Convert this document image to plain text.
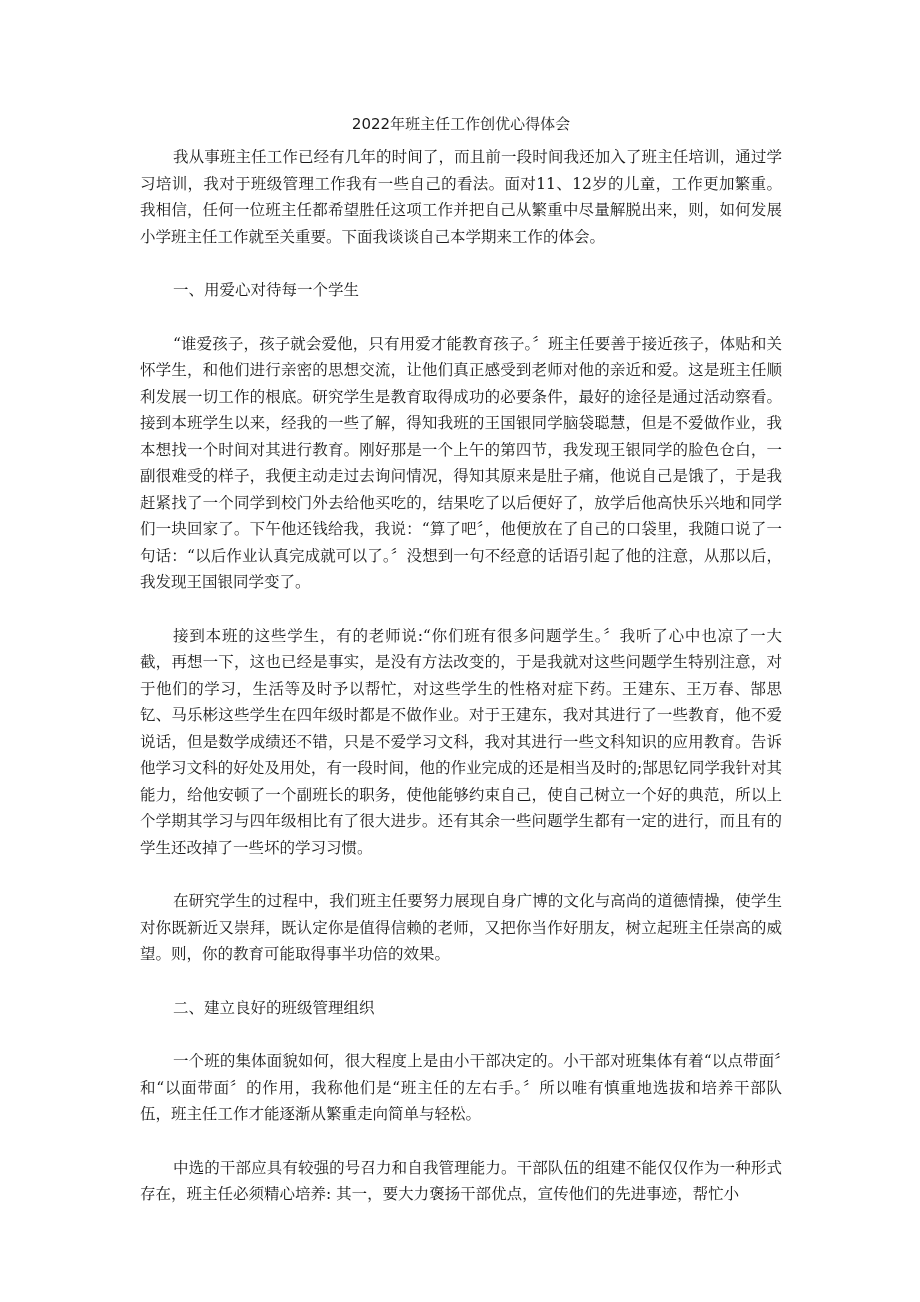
2022年班主任工作创优心得体会

我从事班主任工作已经有几年的时间了，而且前一段时间我还加入了班主任培训，通过学习培训，我对于班级管理工作我有一些自己的看法。面对11、12岁的儿童，工作更加繁重。我相信，任何一位班主任都希望胜任这项工作并把自己从繁重中尽量解脱出来，则，如何发展小学班主任工作就至关重要。下面我谈谈自己本学期来工作的体会。

一、用爱心对待每一个学生

“谁爱孩子，孩子就会爱他，只有用爱才能教育孩子。〞班主任要善于接近孩子，体贴和关怀学生，和他们进行亲密的思想交流，让他们真正感受到老师对他的亲近和爱。这是班主任顺利发展一切工作的根底。研究学生是教育取得成功的必要条件，最好的途径是通过活动察看。接到本班学生以来，经我的一些了解，得知我班的王国银同学脑袋聪慧，但是不爱做作业，我本想找一个时间对其进行教育。刚好那是一个上午的第四节，我发现王银同学的脸色仓白，一副很难受的样子，我便主动走过去询问情况，得知其原来是肚子痛，他说自己是饿了，于是我赶紧找了一个同学到校门外去给他买吃的，结果吃了以后便好了，放学后他高快乐兴地和同学们一块回家了。下午他还钱给我，我说：“算了吧〞，他便放在了自己的口袋里，我随口说了一句话：“以后作业认真完成就可以了。〞没想到一句不经意的话语引起了他的注意，从那以后，我发现王国银同学变了。

接到本班的这些学生，有的老师说:“你们班有很多问题学生。〞我听了心中也凉了一大截，再想一下，这也已经是事实，是没有方法改变的，于是我就对这些问题学生特别注意，对于他们的学习，生活等及时予以帮忙，对这些学生的性格对症下药。王建东、王万春、郜思钇、马乐彬这些学生在四年级时都是不做作业。对于王建东，我对其进行了一些教育，他不爱说话，但是数学成绩还不错，只是不爱学习文科，我对其进行一些文科知识的应用教育。告诉他学习文科的好处及用处，有一段时间，他的作业完成的还是相当及时的;郜思钇同学我针对其能力，给他安顿了一个副班长的职务，使他能够约束自己，使自己树立一个好的典范，所以上个学期其学习与四年级相比有了很大进步。还有其余一些问题学生都有一定的进行，而且有的学生还改掉了一些坏的学习习惯。

在研究学生的过程中，我们班主任要努力展现自身广博的文化与高尚的道德情操，使学生对你既新近又崇拜，既认定你是值得信赖的老师，又把你当作好朋友，树立起班主任崇高的威望。则，你的教育可能取得事半功倍的效果。

二、建立良好的班级管理组织

一个班的集体面貌如何，很大程度上是由小干部决定的。小干部对班集体有着“以点带面〞和“以面带面〞的作用，我称他们是“班主任的左右手。〞所以唯有慎重地选拔和培养干部队伍，班主任工作才能逐渐从繁重走向简单与轻松。

中选的干部应具有较强的号召力和自我管理能力。干部队伍的组建不能仅仅作为一种形式存在，班主任必须精心培养: 其一，要大力褒扬干部优点，宣传他们的先进事迹，帮忙小
